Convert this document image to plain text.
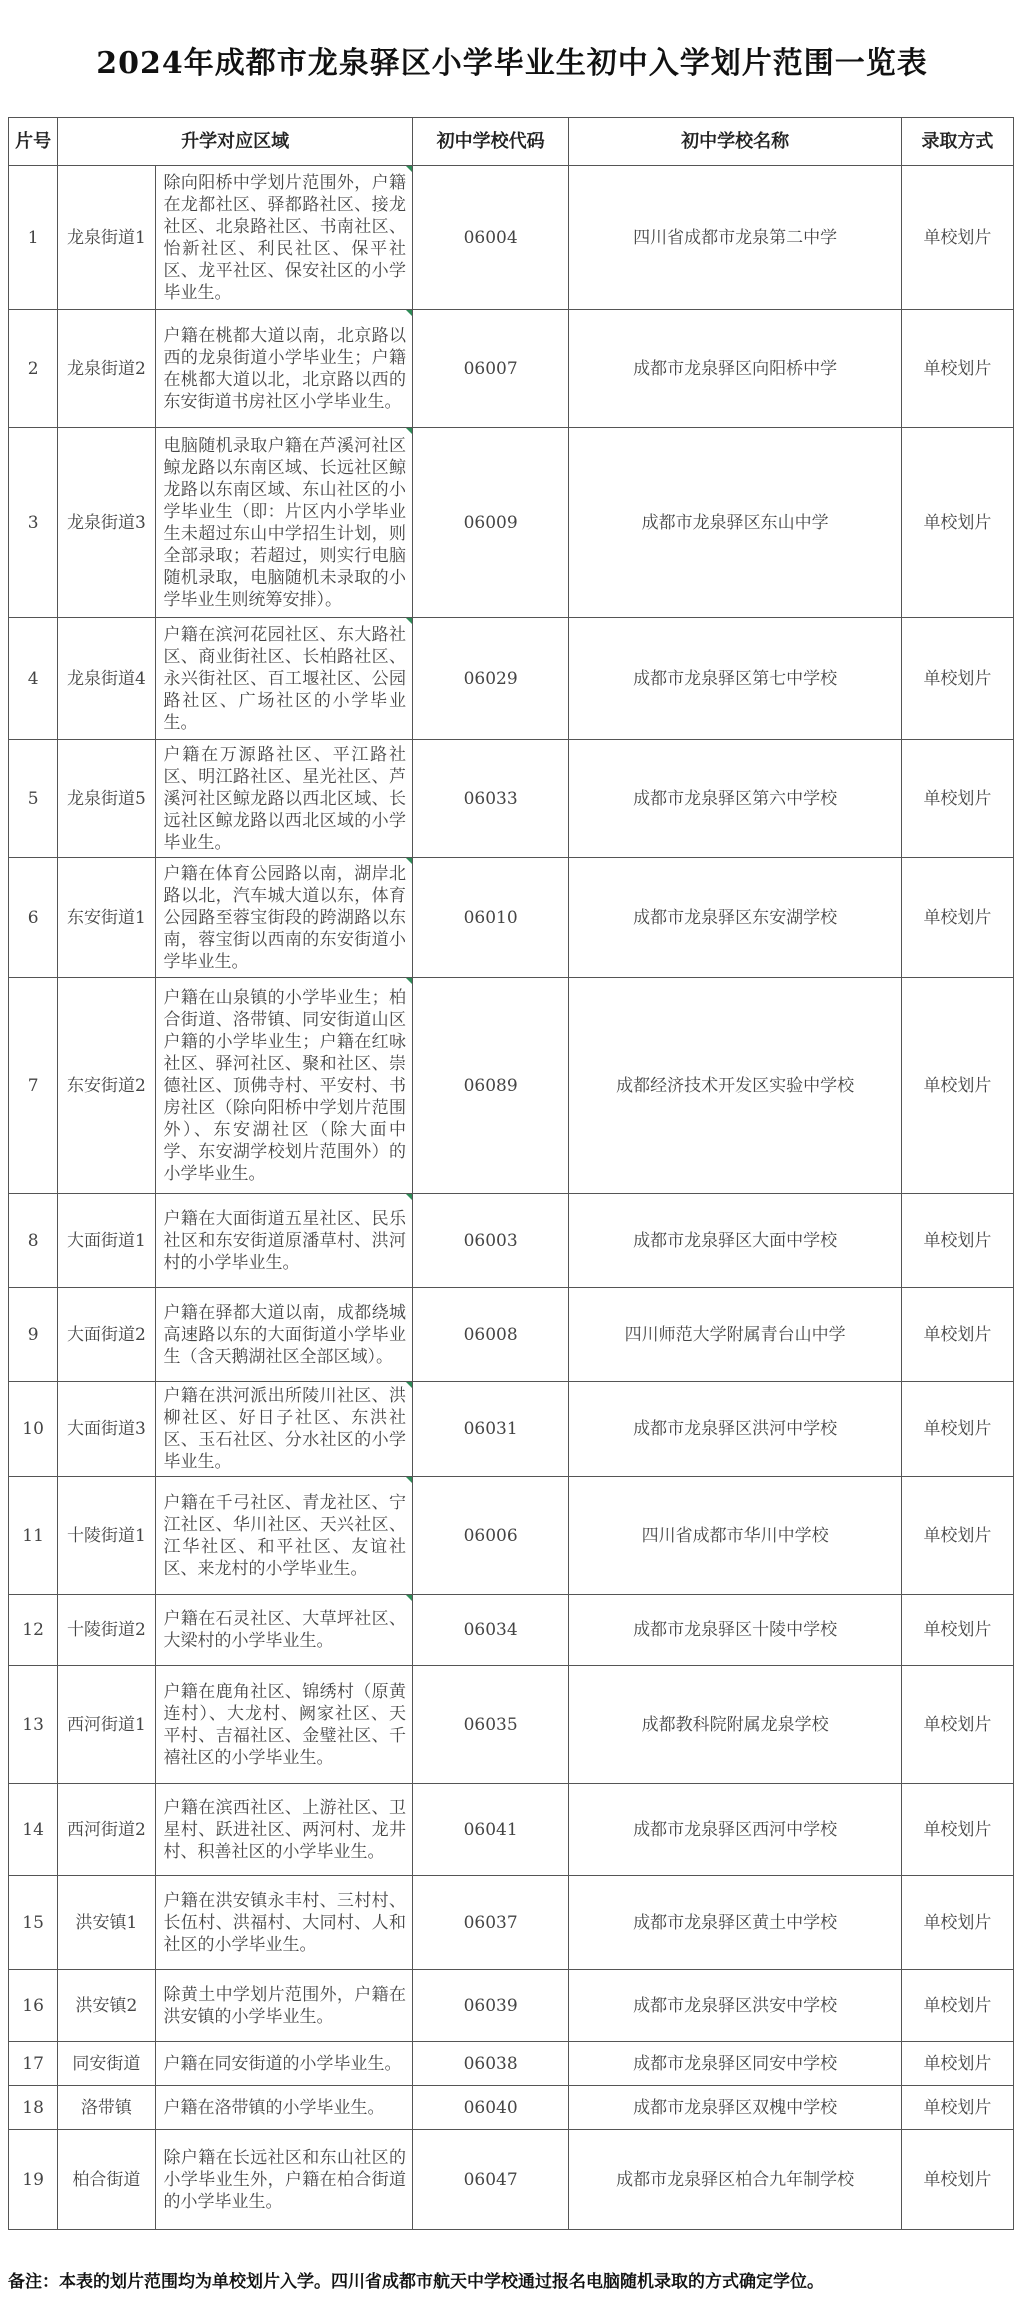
2024年成都市龙泉驿区小学毕业生初中入学划片范围一览表
片号	升学对应区域		初中学校代码	初中学校名称	录取方式
1	龙泉街道1	除向阳桥中学划片范围外，户籍在龙都社区、驿都路社区、接龙社区、北泉路社区、书南社区、怡新社区、利民社区、保平社区、龙平社区、保安社区的小学毕业生。	06004	四川省成都市龙泉第二中学	单校划片
2	龙泉街道2	户籍在桃都大道以南，北京路以西的龙泉街道小学毕业生；户籍在桃都大道以北，北京路以西的东安街道书房社区小学毕业生。	06007	成都市龙泉驿区向阳桥中学	单校划片
3	龙泉街道3	电脑随机录取户籍在芦溪河社区鲸龙路以东南区域、长远社区鲸龙路以东南区域、东山社区的小学毕业生（即：片区内小学毕业生未超过东山中学招生计划，则全部录取；若超过，则实行电脑随机录取，电脑随机未录取的小学毕业生则统筹安排）。	06009	成都市龙泉驿区东山中学	单校划片
4	龙泉街道4	户籍在滨河花园社区、东大路社区、商业街社区、长柏路社区、永兴街社区、百工堰社区、公园路社区、广场社区的小学毕业生。	06029	成都市龙泉驿区第七中学校	单校划片
5	龙泉街道5	户籍在万源路社区、平江路社区、明江路社区、星光社区、芦溪河社区鲸龙路以西北区域、长远社区鲸龙路以西北区域的小学毕业生。	06033	成都市龙泉驿区第六中学校	单校划片
6	东安街道1	户籍在体育公园路以南，湖岸北路以北，汽车城大道以东，体育公园路至蓉宝街段的跨湖路以东南，蓉宝街以西南的东安街道小学毕业生。	06010	成都市龙泉驿区东安湖学校	单校划片
7	东安街道2	户籍在山泉镇的小学毕业生；柏合街道、洛带镇、同安街道山区户籍的小学毕业生；户籍在红咏社区、驿河社区、聚和社区、崇德社区、顶佛寺村、平安村、书房社区（除向阳桥中学划片范围外）、东安湖社区（除大面中学、东安湖学校划片范围外）的小学毕业生。	06089	成都经济技术开发区实验中学校	单校划片
8	大面街道1	户籍在大面街道五星社区、民乐社区和东安街道原潘草村、洪河村的小学毕业生。	06003	成都市龙泉驿区大面中学校	单校划片
9	大面街道2	户籍在驿都大道以南，成都绕城高速路以东的大面街道小学毕业生（含天鹅湖社区全部区域）。	06008	四川师范大学附属青台山中学	单校划片
10	大面街道3	户籍在洪河派出所陵川社区、洪柳社区、好日子社区、东洪社区、玉石社区、分水社区的小学毕业生。	06031	成都市龙泉驿区洪河中学校	单校划片
11	十陵街道1	户籍在千弓社区、青龙社区、宁江社区、华川社区、天兴社区、江华社区、和平社区、友谊社区、来龙村的小学毕业生。	06006	四川省成都市华川中学校	单校划片
12	十陵街道2	户籍在石灵社区、大草坪社区、大梁村的小学毕业生。	06034	成都市龙泉驿区十陵中学校	单校划片
13	西河街道1	户籍在鹿角社区、锦绣村（原黄连村）、大龙村、阙家社区、天平村、吉福社区、金璧社区、千禧社区的小学毕业生。	06035	成都教科院附属龙泉学校	单校划片
14	西河街道2	户籍在滨西社区、上游社区、卫星村、跃进社区、两河村、龙井村、积善社区的小学毕业生。	06041	成都市龙泉驿区西河中学校	单校划片
15	洪安镇1	户籍在洪安镇永丰村、三村村、长伍村、洪福村、大同村、人和社区的小学毕业生。	06037	成都市龙泉驿区黄土中学校	单校划片
16	洪安镇2	除黄土中学划片范围外，户籍在洪安镇的小学毕业生。	06039	成都市龙泉驿区洪安中学校	单校划片
17	同安街道	户籍在同安街道的小学毕业生。	06038	成都市龙泉驿区同安中学校	单校划片
18	洛带镇	户籍在洛带镇的小学毕业生。	06040	成都市龙泉驿区双槐中学校	单校划片
19	柏合街道	除户籍在长远社区和东山社区的小学毕业生外，户籍在柏合街道的小学毕业生。	06047	成都市龙泉驿区柏合九年制学校	单校划片
备注：本表的划片范围均为单校划片入学。四川省成都市航天中学校通过报名电脑随机录取的方式确定学位。
